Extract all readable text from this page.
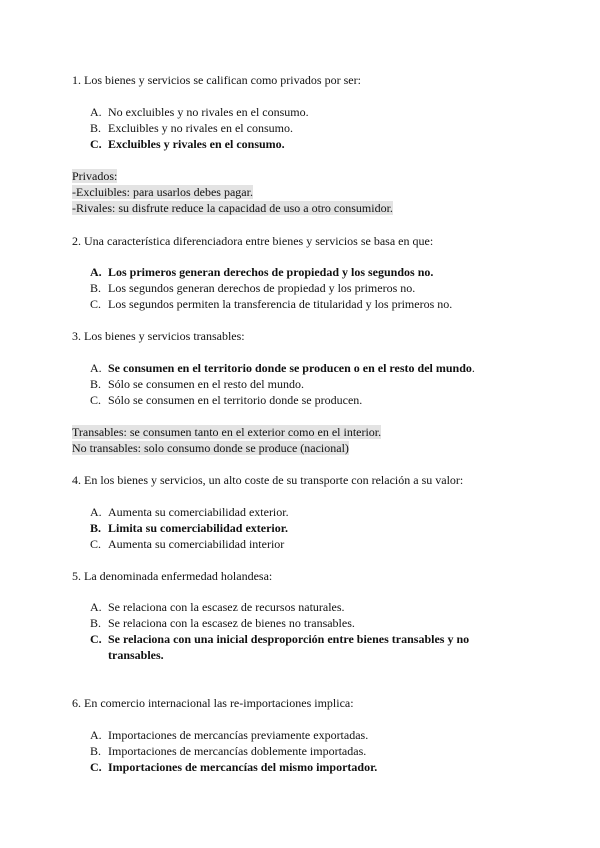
1. Los bienes y servicios se califican como privados por ser:

A. No excluibles y no rivales en el consumo.
B. Excluibles y no rivales en el consumo.
C. Excluibles y rivales en el consumo.
Privados:
-Excluibles: para usarlos debes pagar.
-Rivales: su disfrute reduce la capacidad de uso a otro consumidor.

2. Una característica diferenciadora entre bienes y servicios se basa en que:

A. Los primeros generan derechos de propiedad y los segundos no.
B. Los segundos generan derechos de propiedad y los primeros no.
C. Los segundos permiten la transferencia de titularidad y los primeros no.

3. Los bienes y servicios transables:

A. Se consumen en el territorio donde se producen o en el resto del mundo.
B. Sólo se consumen en el resto del mundo.
C. Sólo se consumen en el territorio donde se producen.
Transables: se consumen tanto en el exterior como en el interior.
No transables: solo consumo donde se produce (nacional)

4. En los bienes y servicios, un alto coste de su transporte con relación a su valor:

A. Aumenta su comerciabilidad exterior.
B. Limita su comerciabilidad exterior.
C. Aumenta su comerciabilidad interior

5. La denominada enfermedad holandesa:

A. Se relaciona con la escasez de recursos naturales.
B. Se relaciona con la escasez de bienes no transables.
C. Se relaciona con una inicial desproporción entre bienes transables y no transables.

6. En comercio internacional las re-importaciones implica:

A. Importaciones de mercancías previamente exportadas.
B. Importaciones de mercancías doblemente importadas.
C. Importaciones de mercancías del mismo importador.
